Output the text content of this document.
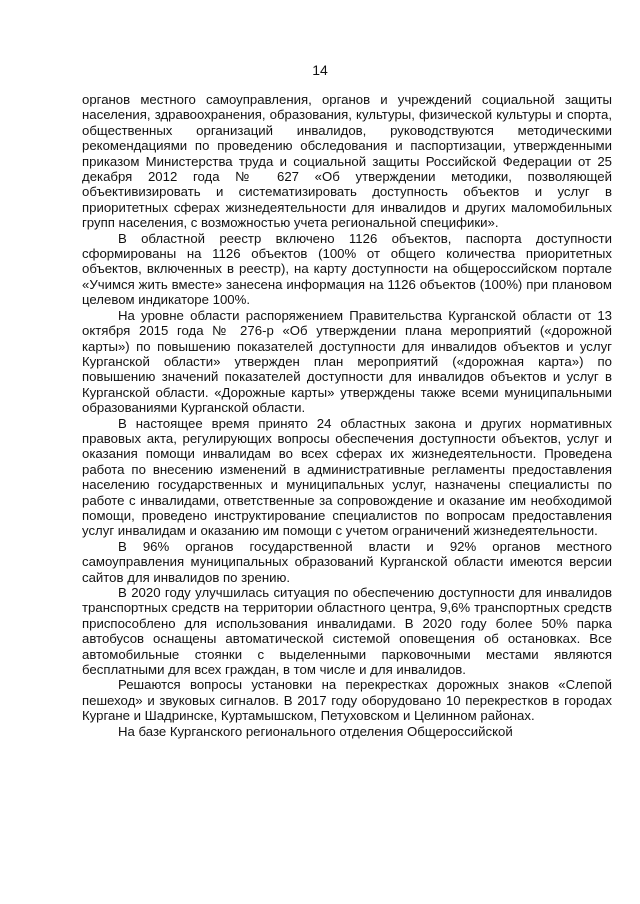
14

органов местного самоуправления, органов и учреждений социальной защиты населения, здравоохранения, образования, культуры, физической культуры и спорта, общественных организаций инвалидов, руководствуются методическими рекомендациями по проведению обследования и паспортизации, утвержденными приказом Министерства труда и социальной защиты Российской Федерации от 25 декабря 2012 года № 627 «Об утверждении методики, позволяющей объективизировать и систематизировать доступность объектов и услуг в приоритетных сферах жизнедеятельности для инвалидов и других маломобильных групп населения, с возможностью учета региональной специфики».

В областной реестр включено 1126 объектов, паспорта доступности сформированы на 1126 объектов (100% от общего количества приоритетных объектов, включенных в реестр), на карту доступности на общероссийском портале «Учимся жить вместе» занесена информация на 1126 объектов (100%) при плановом целевом индикаторе 100%.

На уровне области распоряжением Правительства Курганской области от 13 октября 2015 года № 276-р «Об утверждении плана мероприятий («дорожной карты») по повышению показателей доступности для инвалидов объектов и услуг Курганской области» утвержден план мероприятий («дорожная карта») по повышению значений показателей доступности для инвалидов объектов и услуг в Курганской области. «Дорожные карты» утверждены также всеми муниципальными образованиями Курганской области.

В настоящее время принято 24 областных закона и других нормативных правовых акта, регулирующих вопросы обеспечения доступности объектов, услуг и оказания помощи инвалидам во всех сферах их жизнедеятельности. Проведена работа по внесению изменений в административные регламенты предоставления населению государственных и муниципальных услуг, назначены специалисты по работе с инвалидами, ответственные за сопровождение и оказание им необходимой помощи, проведено инструктирование специалистов по вопросам предоставления услуг инвалидам и оказанию им помощи с учетом ограничений жизнедеятельности.

В 96% органов государственной власти и 92% органов местного самоуправления муниципальных образований Курганской области имеются версии сайтов для инвалидов по зрению.

В 2020 году улучшилась ситуация по обеспечению доступности для инвалидов транспортных средств на территории областного центра, 9,6% транспортных средств приспособлено для использования инвалидами. В 2020 году более 50% парка автобусов оснащены автоматической системой оповещения об остановках. Все автомобильные стоянки с выделенными парковочными местами являются бесплатными для всех граждан, в том числе и для инвалидов.

Решаются вопросы установки на перекрестках дорожных знаков «Слепой пешеход» и звуковых сигналов. В 2017 году оборудовано 10 перекрестков в городах Кургане и Шадринске, Куртамышском, Петуховском и Целинном районах.

На базе Курганского регионального отделения Общероссийской
